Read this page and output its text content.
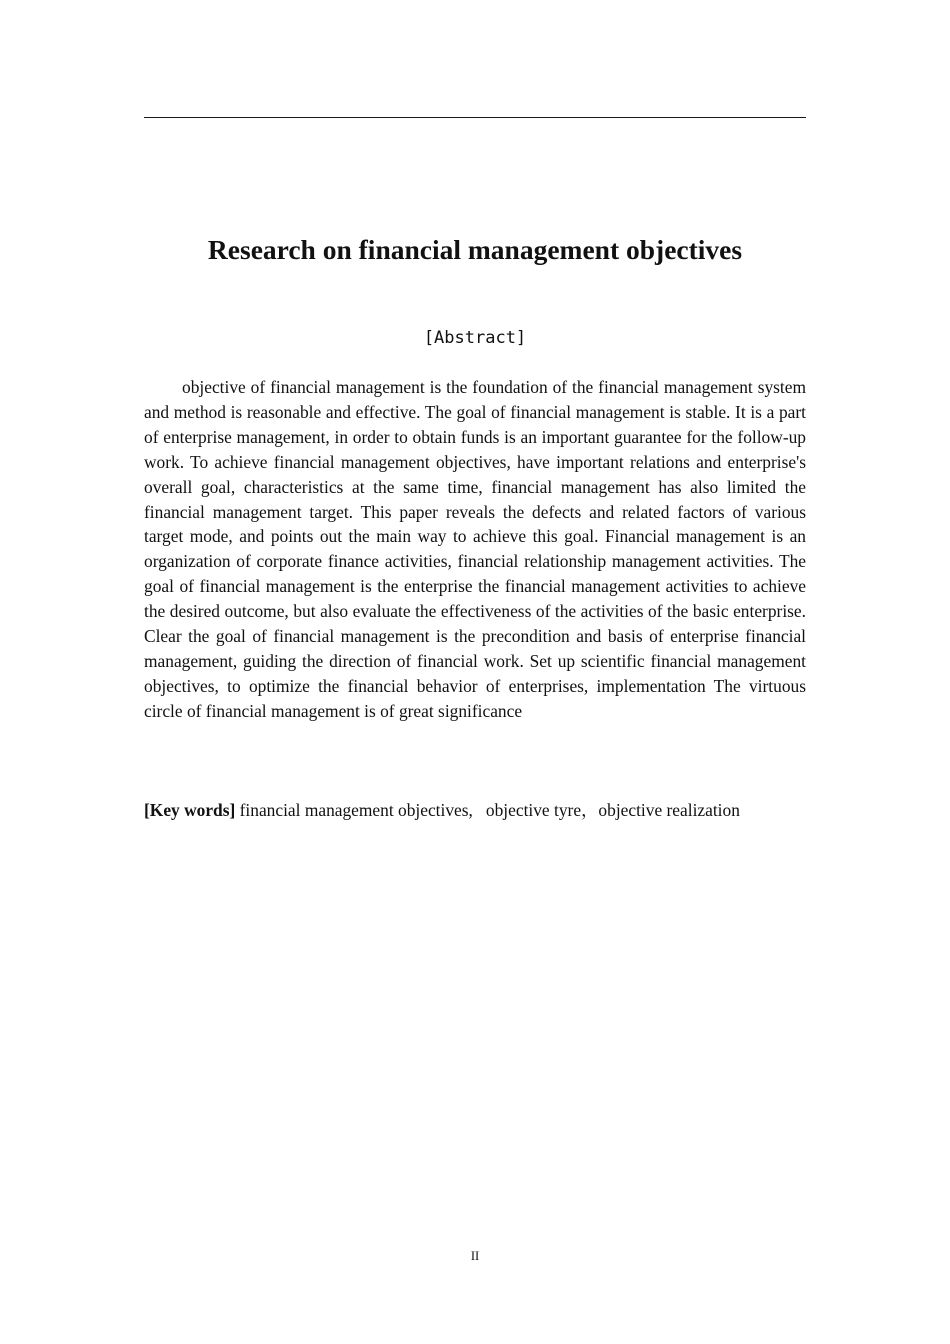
Research on financial management objectives
[Abstract]

objective of financial management is the foundation of the financial management system and method is reasonable and effective. The goal of financial management is stable. It is a part of enterprise management, in order to obtain funds is an important guarantee for the follow-up work. To achieve financial management objectives, have important relations and enterprise's overall goal, characteristics at the same time, financial management has also limited the financial management target. This paper reveals the defects and related factors of various target mode, and points out the main way to achieve this goal. Financial management is an organization of corporate finance activities, financial relationship management activities. The goal of financial management is the enterprise the financial management activities to achieve the desired outcome, but also evaluate the effectiveness of the activities of the basic enterprise. Clear the goal of financial management is the precondition and basis of enterprise financial management, guiding the direction of financial work. Set up scientific financial management objectives, to optimize the financial behavior of enterprises, implementation The virtuous circle of financial management is of great significance

[Key words] financial management objectives,   objective tyre，objective realization
II
